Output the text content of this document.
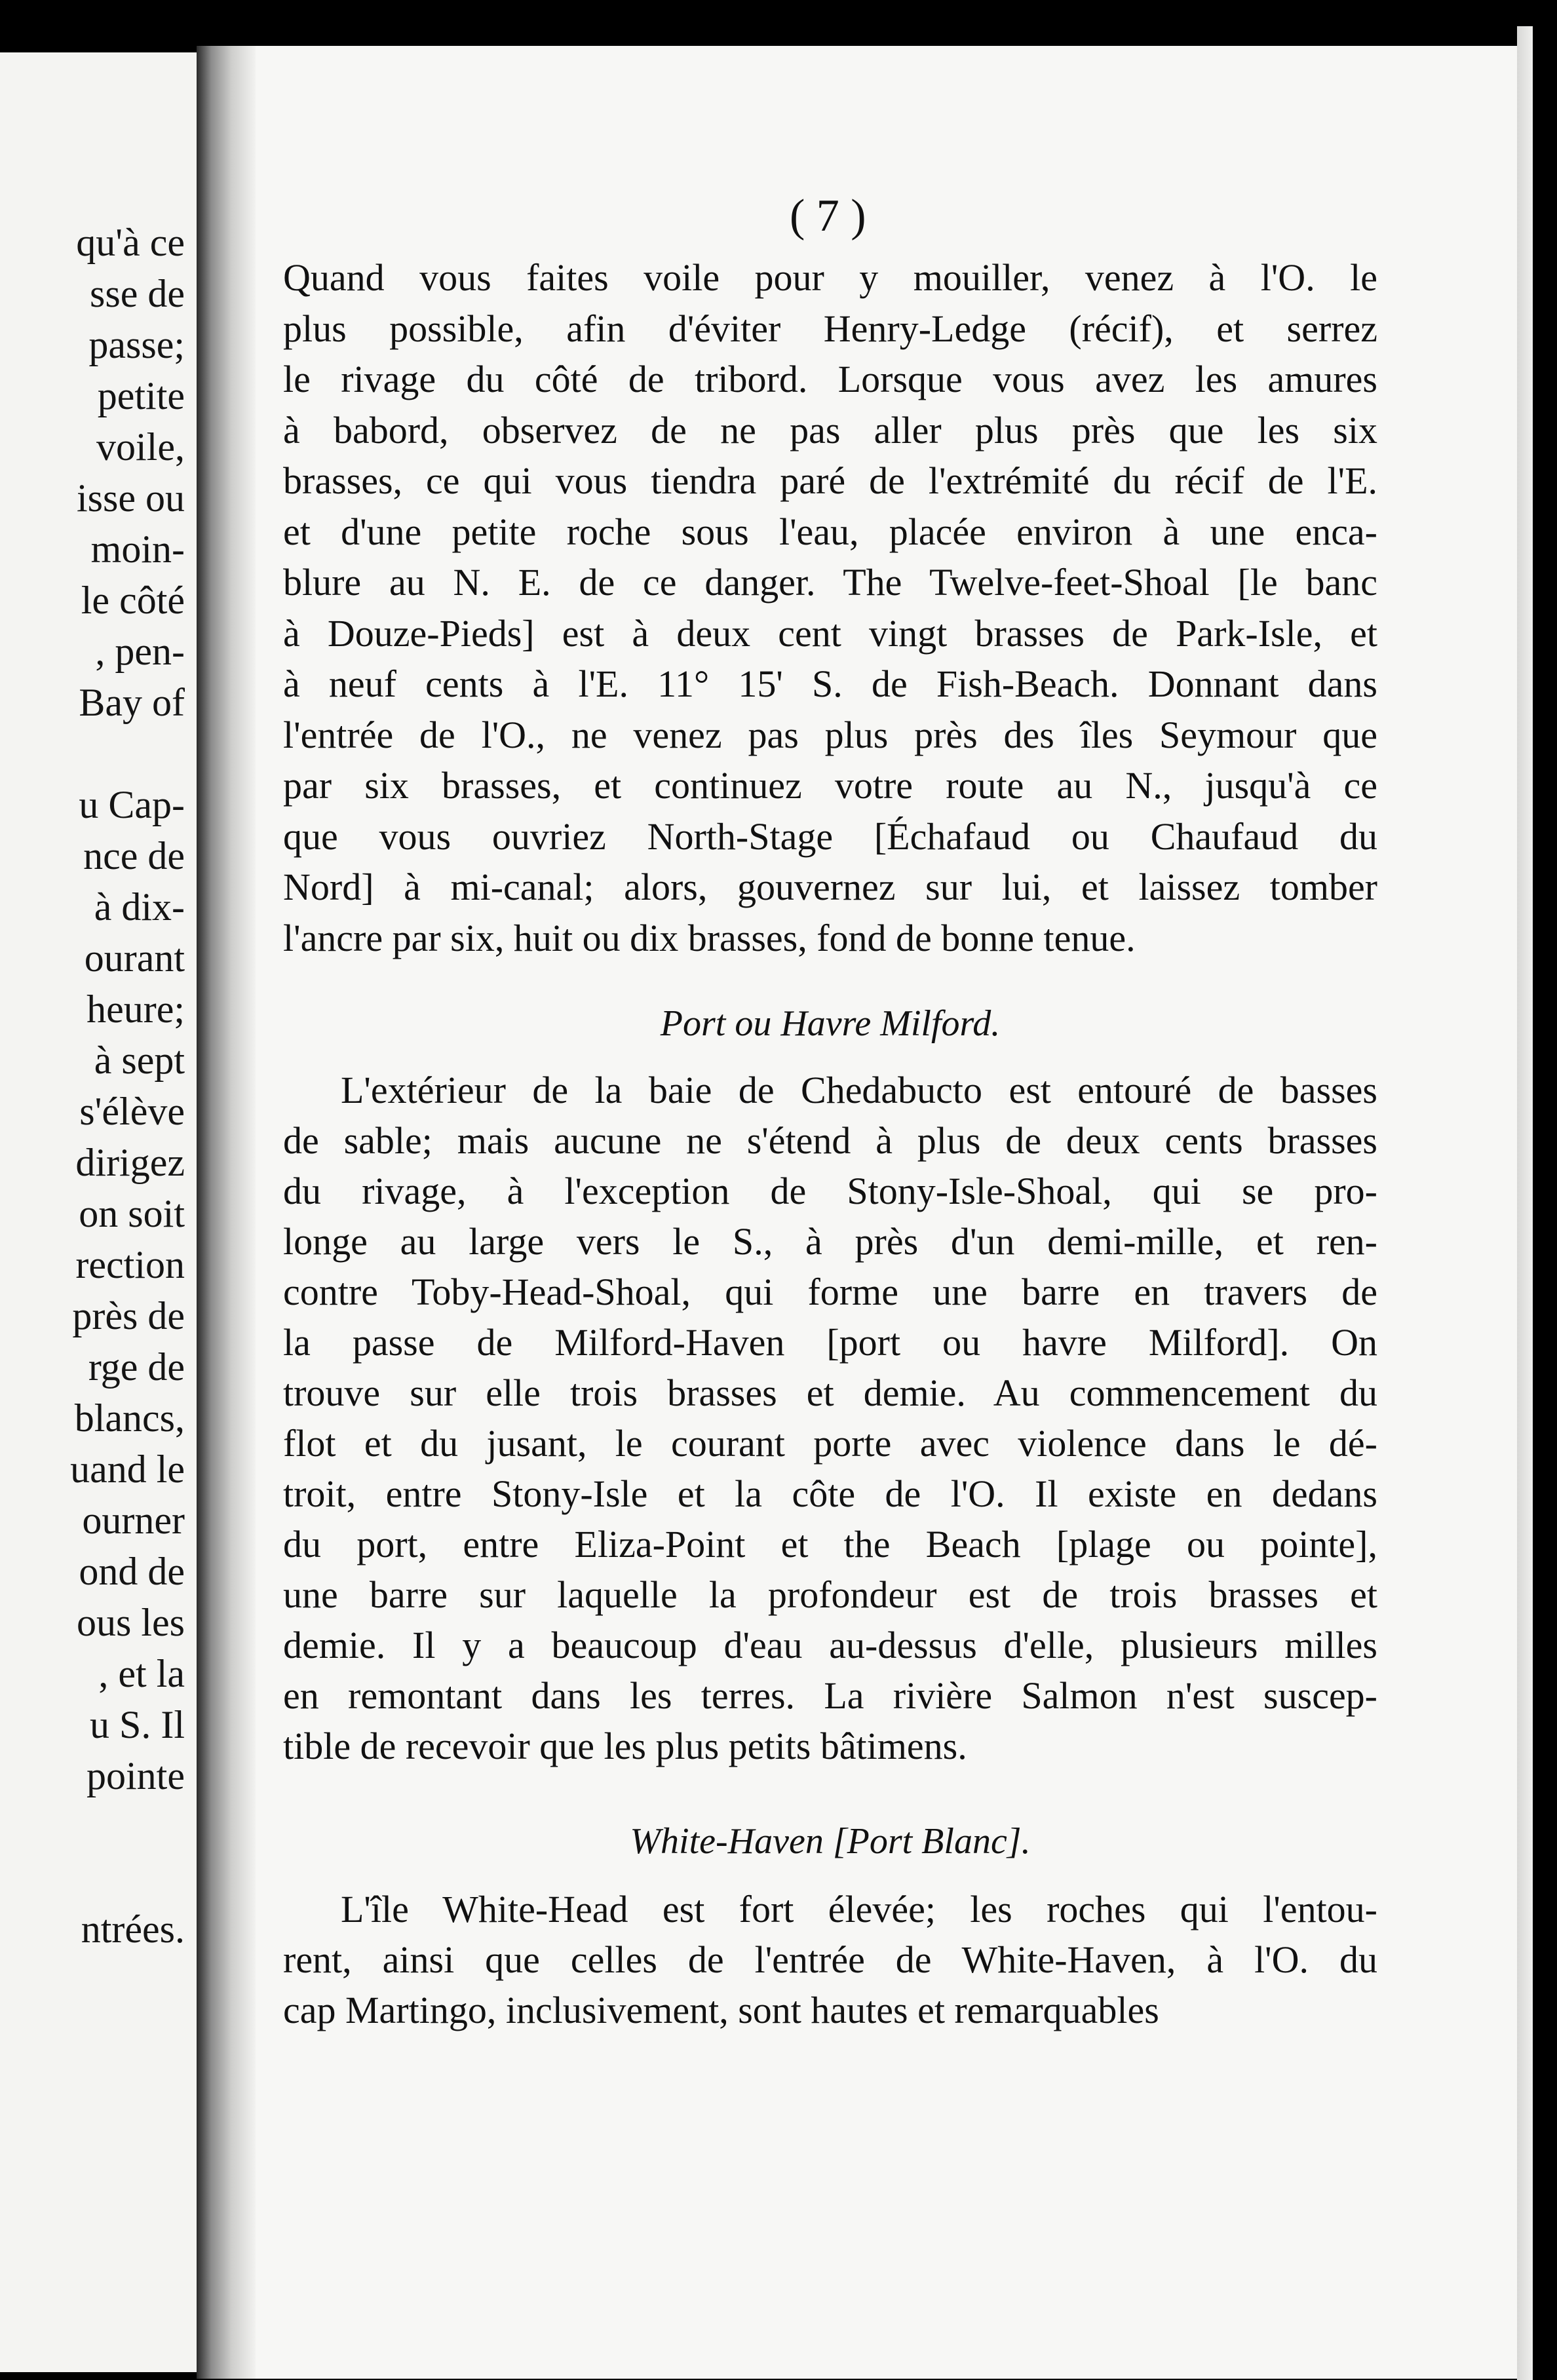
qu'à ce
sse de
passe;
petite
voile,
isse ou
moin-
le côté
, pen-
Bay of
u Cap-
nce de
à dix-
ourant
heure;
à sept
s'élève
dirigez
on soit
rection
près de
rge de
blancs,
uand le
ourner
ond de
ous les
, et la
u S. Il
pointe
ntrées.
( 7 )
Quand vous faites voile pour y mouiller, venez à l'O. le
plus possible, afin d'éviter Henry-Ledge (récif), et serrez
le rivage du côté de tribord. Lorsque vous avez les amures
à babord, observez de ne pas aller plus près que les six
brasses, ce qui vous tiendra paré de l'extrémité du récif de l'E.
et d'une petite roche sous l'eau, placée environ à une enca-
blure au N. E. de ce danger. The Twelve-feet-Shoal [le banc
à Douze-Pieds] est à deux cent vingt brasses de Park-Isle, et
à neuf cents à l'E. 11° 15' S. de Fish-Beach. Donnant dans
l'entrée de l'O., ne venez pas plus près des îles Seymour que
par six brasses, et continuez votre route au N., jusqu'à ce
que vous ouvriez North-Stage [Échafaud ou Chaufaud du
Nord] à mi-canal; alors, gouvernez sur lui, et laissez tomber
l'ancre par six, huit ou dix brasses, fond de bonne tenue.
Port ou Havre Milford.
L'extérieur de la baie de Chedabucto est entouré de basses
de sable; mais aucune ne s'étend à plus de deux cents brasses
du rivage, à l'exception de Stony-Isle-Shoal, qui se pro-
longe au large vers le S., à près d'un demi-mille, et ren-
contre Toby-Head-Shoal, qui forme une barre en travers de
la passe de Milford-Haven [port ou havre Milford]. On
trouve sur elle trois brasses et demie. Au commencement du
flot et du jusant, le courant porte avec violence dans le dé-
troit, entre Stony-Isle et la côte de l'O. Il existe en dedans
du port, entre Eliza-Point et the Beach [plage ou pointe],
une barre sur laquelle la profondeur est de trois brasses et
demie. Il y a beaucoup d'eau au-dessus d'elle, plusieurs milles
en remontant dans les terres. La rivière Salmon n'est suscep-
tible de recevoir que les plus petits bâtimens.
White-Haven [Port Blanc].
L'île White-Head est fort élevée; les roches qui l'entou-
rent, ainsi que celles de l'entrée de White-Haven, à l'O. du
cap Martingo, inclusivement, sont hautes et remarquables
